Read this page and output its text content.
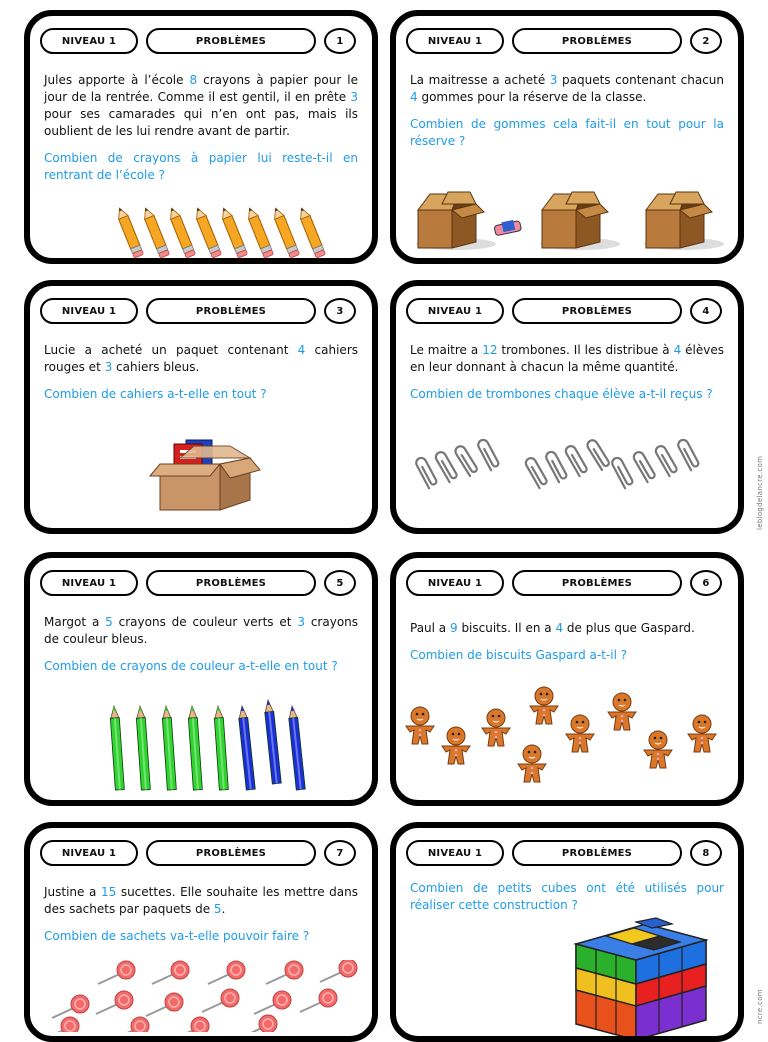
NIVEAU 1	PROBLÈMES	1
Jules apporte à l’école 8 crayons à papier pour le jour de la rentrée. Comme il est gentil, il en prête 3 pour ses camarades qui n’en ont pas, mais ils oublient de les lui rendre avant de partir.
Combien de crayons à papier lui reste-t-il en rentrant de l’école ?
NIVEAU 1	PROBLÈMES	2
La maitresse a acheté 3 paquets contenant chacun 4 gommes pour la réserve de la classe.
Combien de gommes cela fait-il en tout pour la réserve ?
NIVEAU 1	PROBLÈMES	3
Lucie a acheté un paquet contenant 4 cahiers rouges et 3 cahiers bleus.
Combien de cahiers a-t-elle en tout ?
NIVEAU 1	PROBLÈMES	4
Le maitre a 12 trombones. Il les distribue à 4 élèves en leur donnant à chacun la même quantité.
Combien de trombones chaque élève a-t-il reçus ?
NIVEAU 1	PROBLÈMES	5
Margot a 5 crayons de couleur verts et 3 crayons de couleur bleus.
Combien de crayons de couleur a-t-elle en tout ?
NIVEAU 1	PROBLÈMES	6
Paul a 9 biscuits. Il en a 4 de plus que Gaspard.
Combien de biscuits Gaspard a-t-il ?
NIVEAU 1	PROBLÈMES	7
Justine a 15 sucettes. Elle souhaite les mettre dans des sachets par paquets de 5.
Combien de sachets va-t-elle pouvoir faire ?
NIVEAU 1	PROBLÈMES	8
Combien de petits cubes ont été utilisés pour réaliser cette construction ?
leblogdelancre.com
ncre.com
